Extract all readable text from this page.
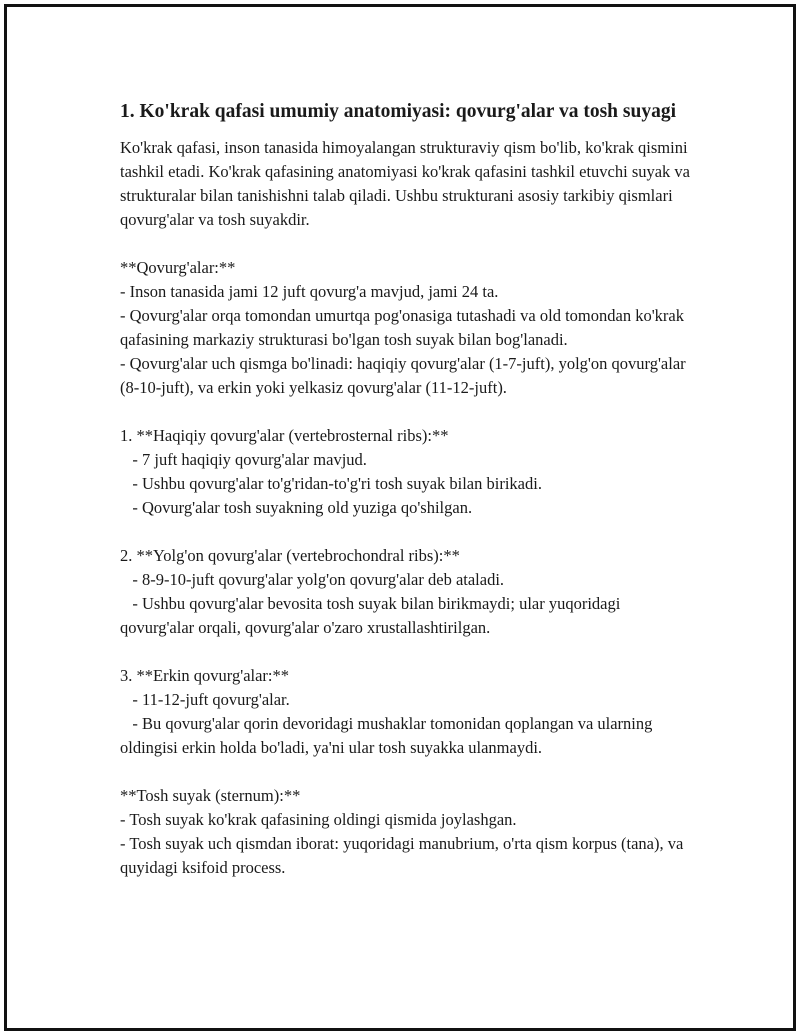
1. Ko'krak qafasi umumiy anatomiyasi: qovurg'alar va tosh suyagi

Ko'krak qafasi, inson tanasida himoyalangan strukturaviy qism bo'lib, ko'krak qismini tashkil etadi. Ko'krak qafasining anatomiyasi ko'krak qafasini tashkil etuvchi suyak va strukturalar bilan tanishishni talab qiladi. Ushbu strukturani asosiy tarkibiy qismlari qovurg'alar va tosh suyakdir.

**Qovurg'alar:**
- Inson tanasida jami 12 juft qovurg'a mavjud, jami 24 ta.
- Qovurg'alar orqa tomondan umurtqa pog'onasiga tutashadi va old tomondan ko'krak qafasining markaziy strukturasi bo'lgan tosh suyak bilan bog'lanadi.
- Qovurg'alar uch qismga bo'linadi: haqiqiy qovurg'alar (1-7-juft), yolg'on qovurg'alar (8-10-juft), va erkin yoki yelkasiz qovurg'alar (11-12-juft).
1. **Haqiqiy qovurg'alar (vertebrosternal ribs):**
- 7 juft haqiqiy qovurg'alar mavjud.
- Ushbu qovurg'alar to'g'ridan-to'g'ri tosh suyak bilan birikadi.
- Qovurg'alar tosh suyakning old yuziga qo'shilgan.
2. **Yolg'on qovurg'alar (vertebrochondral ribs):**
- 8-9-10-juft qovurg'alar yolg'on qovurg'alar deb ataladi.
- Ushbu qovurg'alar bevosita tosh suyak bilan birikmaydi; ular yuqoridagi qovurg'alar orqali, qovurg'alar o'zaro xrustallashtirilgan.
3. **Erkin qovurg'alar:**
- 11-12-juft qovurg'alar.
- Bu qovurg'alar qorin devoridagi mushaklar tomonidan qoplangan va ularning oldingisi erkin holda bo'ladi, ya'ni ular tosh suyakka ulanmaydi.
**Tosh suyak (sternum):**
- Tosh suyak ko'krak qafasining oldingi qismida joylashgan.
- Tosh suyak uch qismdan iborat: yuqoridagi manubrium, o'rta qism korpus (tana), va quyidagi ksifoid process.
